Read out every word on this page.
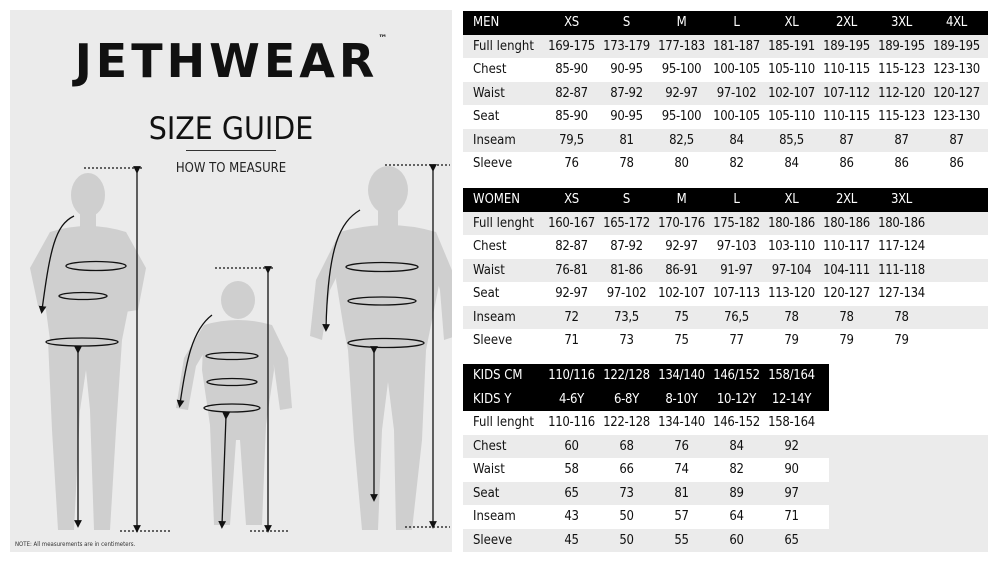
JETHWEAR™
SIZE GUIDE
HOW TO MEASURE
NOTE: All measurements are in centimeters.
MEN	XS	S	M	L	XL	2XL	3XL	4XL
Full lenght	169-175 173-179 177-183 181-187 185-191 189-195 189-195 189-195
Chest	85-90	90-95	95-100 100-105 105-110 110-115 115-123 123-130
Waist	82-87	87-92	92-97	97-102 102-107 107-112 112-120 120-127
Seat	85-90	90-95	95-100 100-105 105-110 110-115 115-123 123-130
Inseam	79,5	81	82,5	84	85,5	87	87	87
Sleeve	76	78	80	82	84	86	86	86
WOMEN	XS	S	M	L	XL	2XL	3XL
Full lenght	160-167 165-172 170-176 175-182 180-186 180-186 180-186
Chest	82-87	87-92	92-97	97-103 103-110 110-117 117-124
Waist	76-81	81-86	86-91	91-97	97-104 104-111 111-118
Seat	92-97	97-102 102-107 107-113 113-120 120-127 127-134
Inseam	72	73,5	75	76,5	78	78	78
Sleeve	71	73	75	77	79	79	79
KIDS CM	110/116 122/128 134/140 146/152 158/164
KIDS Y	4-6Y	6-8Y	8-10Y	10-12Y	12-14Y
Full lenght	110-116 122-128 134-140 146-152 158-164
Chest	60	68	76	84	92
Waist	58	66	74	82	90
Seat	65	73	81	89	97
Inseam	43	50	57	64	71
Sleeve	45	50	55	60	65
